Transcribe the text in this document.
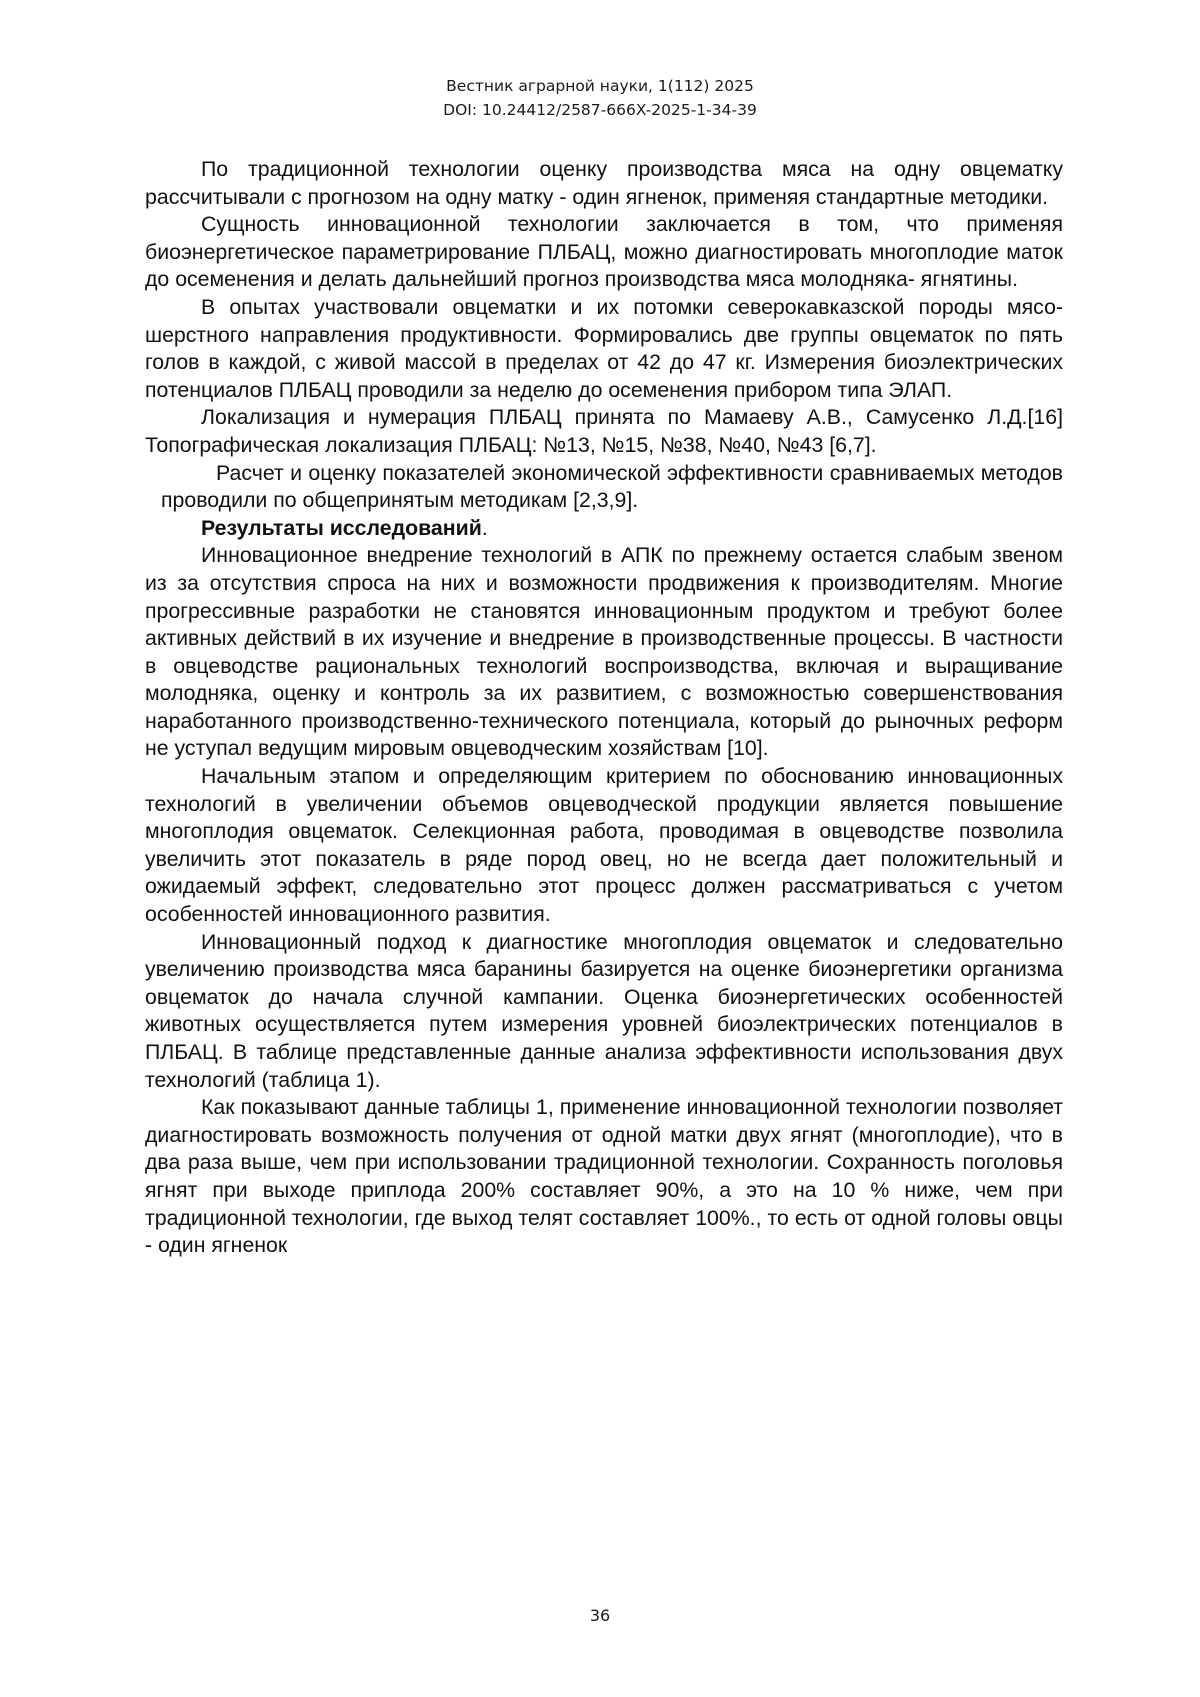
Вестник аграрной науки, 1(112) 2025
DOI: 10.24412/2587-666X-2025-1-34-39

По традиционной технологии оценку производства мяса на одну овцематку рассчитывали с прогнозом на одну матку - один ягненок, применяя стандартные методики.

Сущность инновационной технологии заключается в том, что применяя биоэнергетическое параметрирование ПЛБАЦ, можно диагностировать многоплодие маток до осеменения и делать дальнейший прогноз производства мяса молодняка- ягнятины.

В опытах участвовали овцематки и их потомки северокавказской породы мясо- шерстного направления продуктивности. Формировались две группы овцематок по пять голов в каждой, с живой массой в пределах от 42 до 47 кг. Измерения биоэлектрических потенциалов ПЛБАЦ проводили за неделю до осеменения прибором типа ЭЛАП.

Локализация и нумерация ПЛБАЦ принята по Мамаеву А.В., Самусенко Л.Д.[16] Топографическая локализация ПЛБАЦ: №13, №15, №38, №40, №43 [6,7].

Расчет и оценку показателей экономической эффективности сравниваемых методов проводили по общепринятым методикам [2,3,9].

Результаты исследований.

Инновационное внедрение технологий в АПК по прежнему остается слабым звеном из за отсутствия спроса на них и возможности продвижения к производителям. Многие прогрессивные разработки не становятся инновационным продуктом и требуют более активных действий в их изучение и внедрение в производственные процессы. В частности в овцеводстве рациональных технологий воспроизводства, включая и выращивание молодняка, оценку и контроль за их развитием, с возможностью совершенствования наработанного производственно-технического потенциала, который до рыночных реформ не уступал ведущим мировым овцеводческим хозяйствам [10].

Начальным этапом и определяющим критерием по обоснованию инновационных технологий в увеличении объемов овцеводческой продукции является повышение многоплодия овцематок. Селекционная работа, проводимая в овцеводстве позволила увеличить этот показатель в ряде пород овец, но не всегда дает положительный и ожидаемый эффект, следовательно этот процесс должен рассматриваться с учетом особенностей инновационного развития.

Инновационный подход к диагностике многоплодия овцематок и следовательно увеличению производства мяса баранины базируется на оценке биоэнергетики организма овцематок до начала случной кампании. Оценка биоэнергетических особенностей животных осуществляется путем измерения уровней биоэлектрических потенциалов в ПЛБАЦ. В таблице представленные данные анализа эффективности использования двух технологий (таблица 1).

Как показывают данные таблицы 1, применение инновационной технологии позволяет диагностировать возможность получения от одной матки двух ягнят (многоплодие), что в два раза выше, чем при использовании традиционной технологии. Сохранность поголовья ягнят при выходе приплода 200% составляет 90%, а это на 10 % ниже, чем при традиционной технологии, где выход телят составляет 100%., то есть от одной головы овцы - один ягненок

36
